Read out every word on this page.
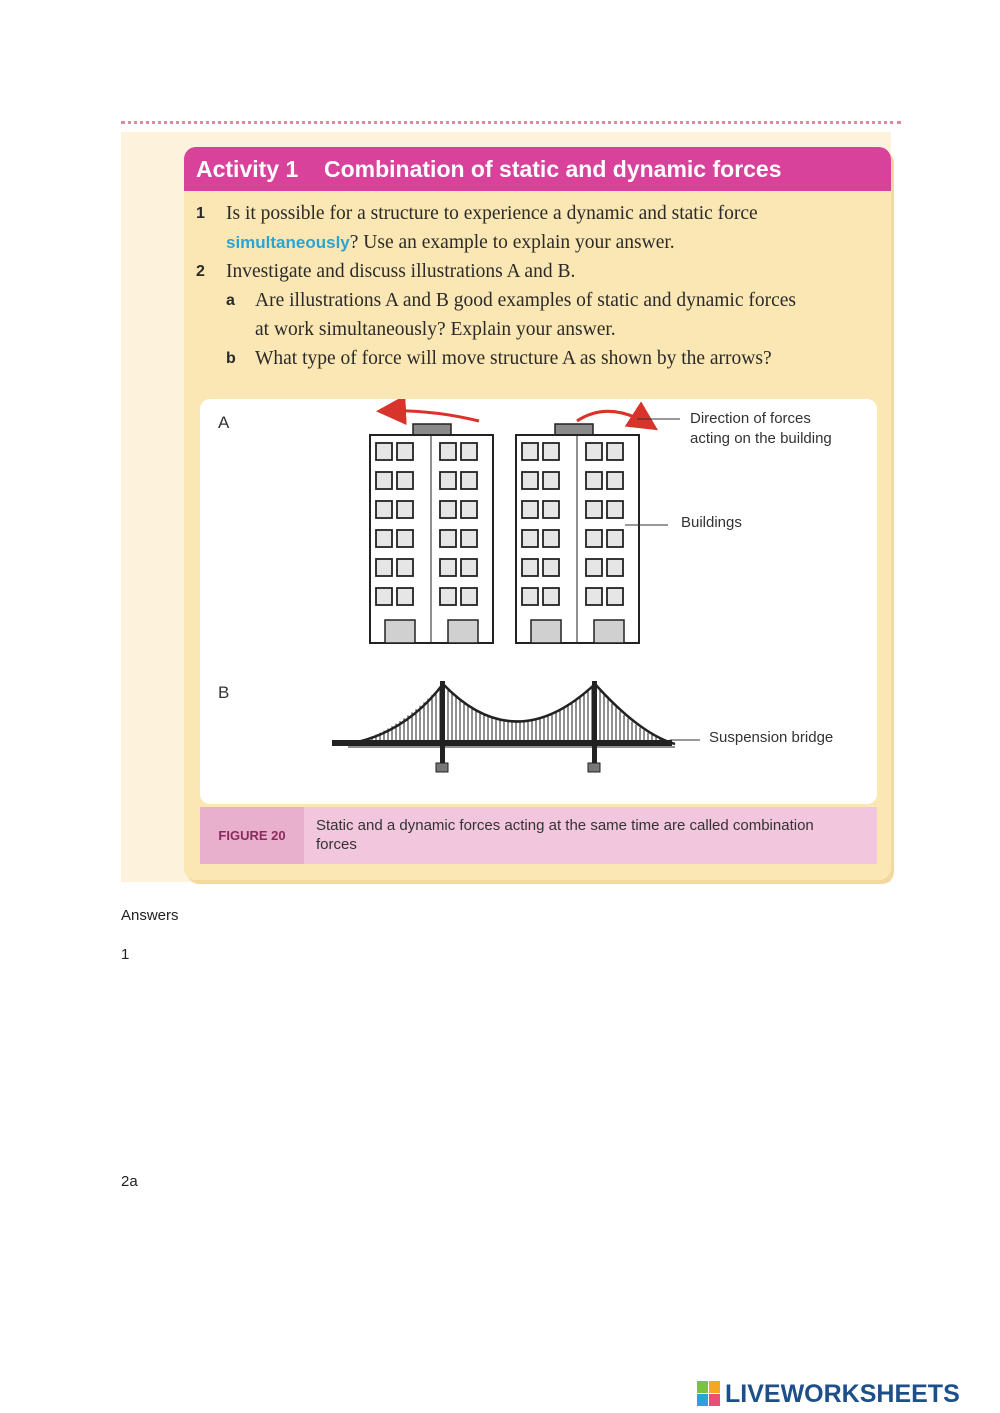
Activity 1 Combination of static and dynamic forces
1 Is it possible for a structure to experience a dynamic and static force
simultaneously? Use an example to explain your answer.
2 Investigate and discuss illustrations A and B.
a Are illustrations A and B good examples of static and dynamic forces
at work simultaneously? Explain your answer.
b What type of force will move structure A as shown by the arrows?
A
B
Direction of forces
acting on the building
Buildings
Suspension bridge
FIGURE 20
Static and a dynamic forces acting at the same time are called combination forces
Answers
1
2a
LIVEWORKSHEETS
